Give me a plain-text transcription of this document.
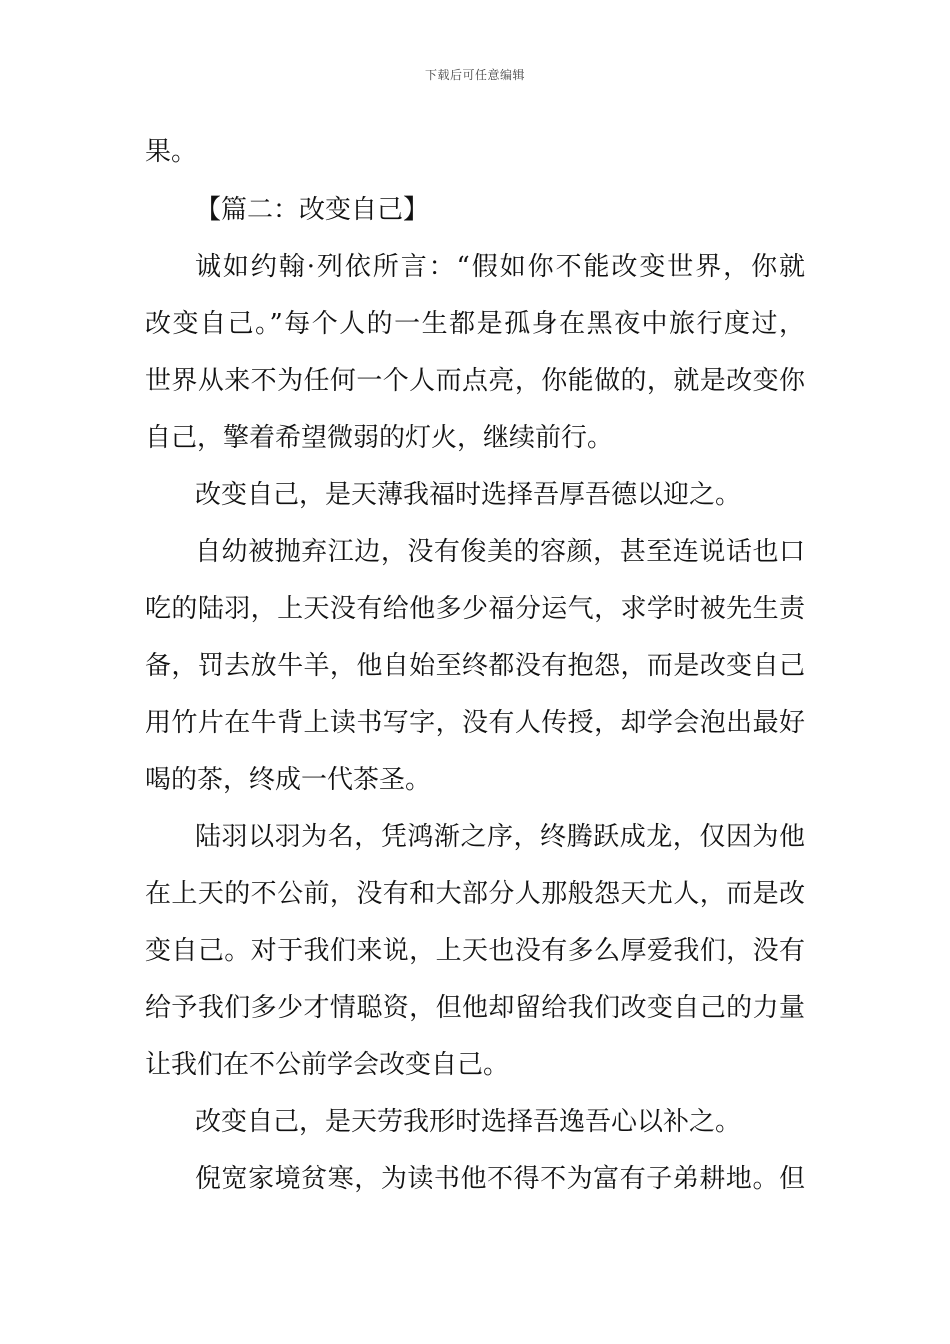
下载后可任意编辑
果。
【篇二：改变自己】
诚如约翰·列依所言：“假如你不能改变世界，你就
改变自己。”每个人的一生都是孤身在黑夜中旅行度过，
世界从来不为任何一个人而点亮，你能做的，就是改变你
自己，擎着希望微弱的灯火，继续前行。
改变自己，是天薄我福时选择吾厚吾德以迎之。
自幼被抛弃江边，没有俊美的容颜，甚至连说话也口
吃的陆羽，上天没有给他多少福分运气，求学时被先生责
备，罚去放牛羊，他自始至终都没有抱怨，而是改变自己
用竹片在牛背上读书写字，没有人传授，却学会泡出最好
喝的茶，终成一代茶圣。
陆羽以羽为名，凭鸿渐之序，终腾跃成龙，仅因为他
在上天的不公前，没有和大部分人那般怨天尤人，而是改
变自己。对于我们来说，上天也没有多么厚爱我们，没有
给予我们多少才情聪资，但他却留给我们改变自己的力量
让我们在不公前学会改变自己。
改变自己，是天劳我形时选择吾逸吾心以补之。
倪宽家境贫寒，为读书他不得不为富有子弟耕地。但
